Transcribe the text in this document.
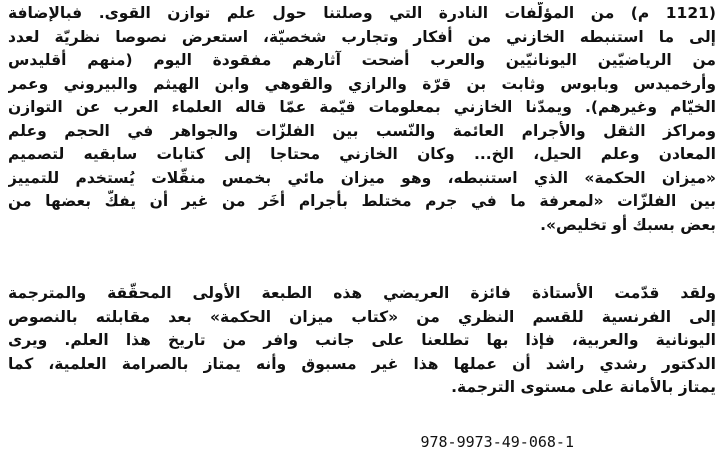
(1121 م) من المؤلّفات النادرة التي وصلتنا حول علم توازن القوى. فبالإضافة
إلى ما استنبطه الخازني من أفكار وتجارب شخصيّة، استعرض نصوصا نظريّة لعدد
من الرياضيّين اليونانيّين والعرب أضحت آثارهم مفقودة اليوم (منهم أقليدس
وأرخميدس وبابوس وثابت بن قرّة والرازي والقوهي وابن الهيثم والبيروني وعمر
الخيّام وغيرهم). ويمدّنا الخازني بمعلومات قيّمة عمّا قاله العلماء العرب عن التوازن
ومراكز الثقل والأجرام العائمة والنّسب بين الفلزّات والجواهر في الحجم وعلم
المعادن وعلم الحيل، الخ... وكان الخازني محتاجا إلى كتابات سابقيه لتصميم
«ميزان الحكمة» الذي استنبطه، وهو ميزان مائي بخمس منقّلات يُستخدم للتمييز
بين الفلزّات «لمعرفة ما في جرم مختلط بأجرام أُخَر من غير أن يفكّ بعضها من
بعض بسبك أو تخليص».
ولقد قدّمت الأستاذة فائزة العريضي هذه الطبعة الأولى المحقّقة والمترجمة
إلى الفرنسية للقسم النظري من «كتاب ميزان الحكمة» بعد مقابلته بالنصوص
اليونانية والعربية، فإذا بها تطلعنا على جانب وافر من تاريخ هذا العلم. ويرى
الدكتور رشدي راشد أن عملها هذا غير مسبوق وأنه يمتاز بالصرامة العلمية، كما
يمتاز بالأمانة على مستوى الترجمة.
978-9973-49-068-1
